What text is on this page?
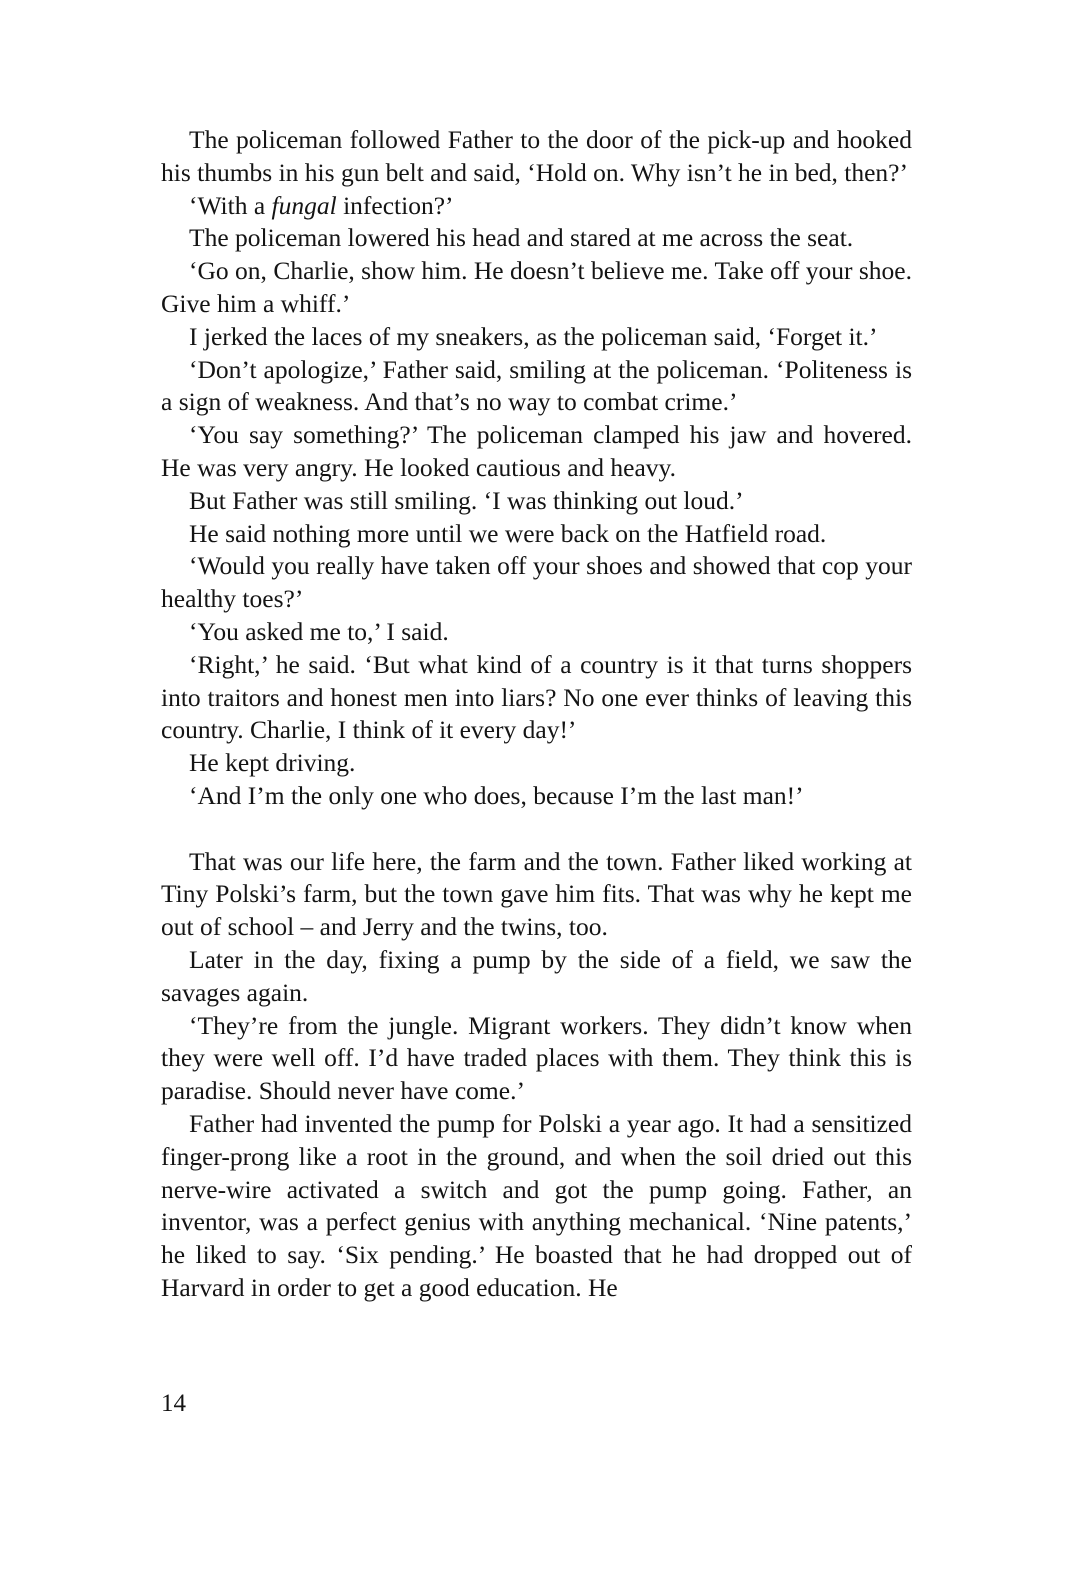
The policeman followed Father to the door of the pick-up and hooked his thumbs in his gun belt and said, ‘Hold on. Why isn’t he in bed, then?’

‘With a fungal infection?’

The policeman lowered his head and stared at me across the seat.

‘Go on, Charlie, show him. He doesn’t believe me. Take off your shoe. Give him a whiff.’

I jerked the laces of my sneakers, as the policeman said, ‘Forget it.’

‘Don’t apologize,’ Father said, smiling at the policeman. ‘Politeness is a sign of weakness. And that’s no way to combat crime.’

‘You say something?’ The policeman clamped his jaw and hovered. He was very angry. He looked cautious and heavy.

But Father was still smiling. ‘I was thinking out loud.’

He said nothing more until we were back on the Hatfield road.

‘Would you really have taken off your shoes and showed that cop your healthy toes?’

‘You asked me to,’ I said.

‘Right,’ he said. ‘But what kind of a country is it that turns shoppers into traitors and honest men into liars? No one ever thinks of leaving this country. Charlie, I think of it every day!’

He kept driving.

‘And I’m the only one who does, because I’m the last man!’

That was our life here, the farm and the town. Father liked working at Tiny Polski’s farm, but the town gave him fits. That was why he kept me out of school – and Jerry and the twins, too.

Later in the day, fixing a pump by the side of a field, we saw the savages again.

‘They’re from the jungle. Migrant workers. They didn’t know when they were well off. I’d have traded places with them. They think this is paradise. Should never have come.’

Father had invented the pump for Polski a year ago. It had a sensitized finger-prong like a root in the ground, and when the soil dried out this nerve-wire activated a switch and got the pump going. Father, an inventor, was a perfect genius with anything mechanical. ‘Nine patents,’ he liked to say. ‘Six pending.’ He boasted that he had dropped out of Harvard in order to get a good education. He

14
